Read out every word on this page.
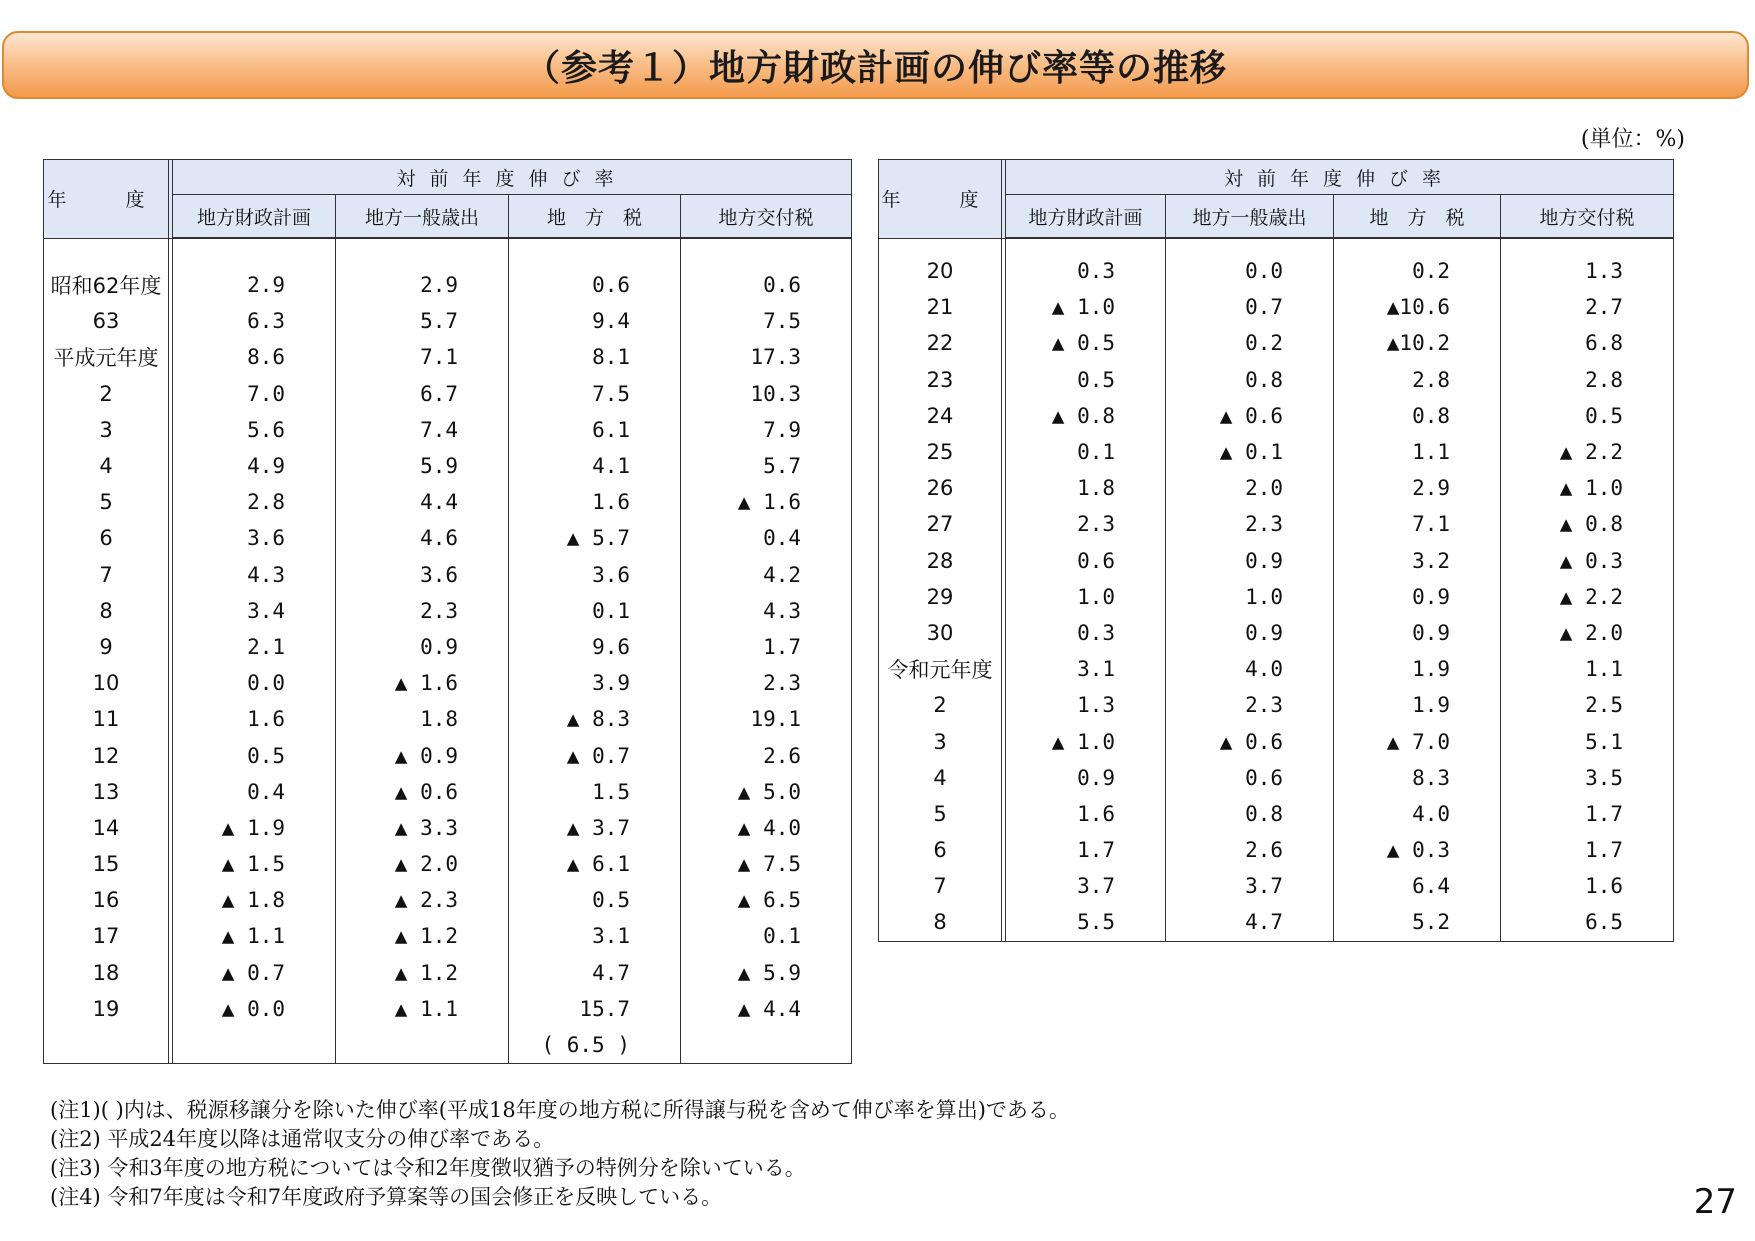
（参考１）地方財政計画の伸び率等の推移
(単位：%)
年　度		対前年度伸び率			
		地方財政計画	地方一般歳出	地　方　税	地方交付税

昭和62年度		2.9	2.9	0.6	0.6
63		6.3	5.7	9.4	7.5
平成元年度		8.6	7.1	8.1	17.3
2		7.0	6.7	7.5	10.3
3		5.6	7.4	6.1	7.9
4		4.9	5.9	4.1	5.7
5		2.8	4.4	1.6	▲ 1.6
6		3.6	4.6	▲ 5.7	0.4
7		4.3	3.6	3.6	4.2
8		3.4	2.3	0.1	4.3
9		2.1	0.9	9.6	1.7
10		0.0	▲ 1.6	3.9	2.3
11		1.6	1.8	▲ 8.3	19.1
12		0.5	▲ 0.9	▲ 0.7	2.6
13		0.4	▲ 0.6	1.5	▲ 5.0
14		▲ 1.9	▲ 3.3	▲ 3.7	▲ 4.0
15		▲ 1.5	▲ 2.0	▲ 6.1	▲ 7.5
16		▲ 1.8	▲ 2.3	0.5	▲ 6.5
17		▲ 1.1	▲ 1.2	3.1	0.1
18		▲ 0.7	▲ 1.2	4.7	▲ 5.9
19		▲ 0.0	▲ 1.1	15.7	▲ 4.4
				( 6.5 )	
年　度		対前年度伸び率			
		地方財政計画	地方一般歳出	地　方　税	地方交付税

20		0.3	0.0	0.2	1.3
21		▲ 1.0	0.7	▲10.6	2.7
22		▲ 0.5	0.2	▲10.2	6.8
23		0.5	0.8	2.8	2.8
24		▲ 0.8	▲ 0.6	0.8	0.5
25		0.1	▲ 0.1	1.1	▲ 2.2
26		1.8	2.0	2.9	▲ 1.0
27		2.3	2.3	7.1	▲ 0.8
28		0.6	0.9	3.2	▲ 0.3
29		1.0	1.0	0.9	▲ 2.2
30		0.3	0.9	0.9	▲ 2.0
令和元年度		3.1	4.0	1.9	1.1
2		1.3	2.3	1.9	2.5
3		▲ 1.0	▲ 0.6	▲ 7.0	5.1
4		0.9	0.6	8.3	3.5
5		1.6	0.8	4.0	1.7
6		1.7	2.6	▲ 0.3	1.7
7		3.7	3.7	6.4	1.6
8		5.5	4.7	5.2	6.5
(注1)( )内は、税源移譲分を除いた伸び率(平成18年度の地方税に所得譲与税を含めて伸び率を算出)である。
(注2) 平成24年度以降は通常収支分の伸び率である。
(注3) 令和3年度の地方税については令和2年度徴収猶予の特例分を除いている。
(注4) 令和7年度は令和7年度政府予算案等の国会修正を反映している。	27
